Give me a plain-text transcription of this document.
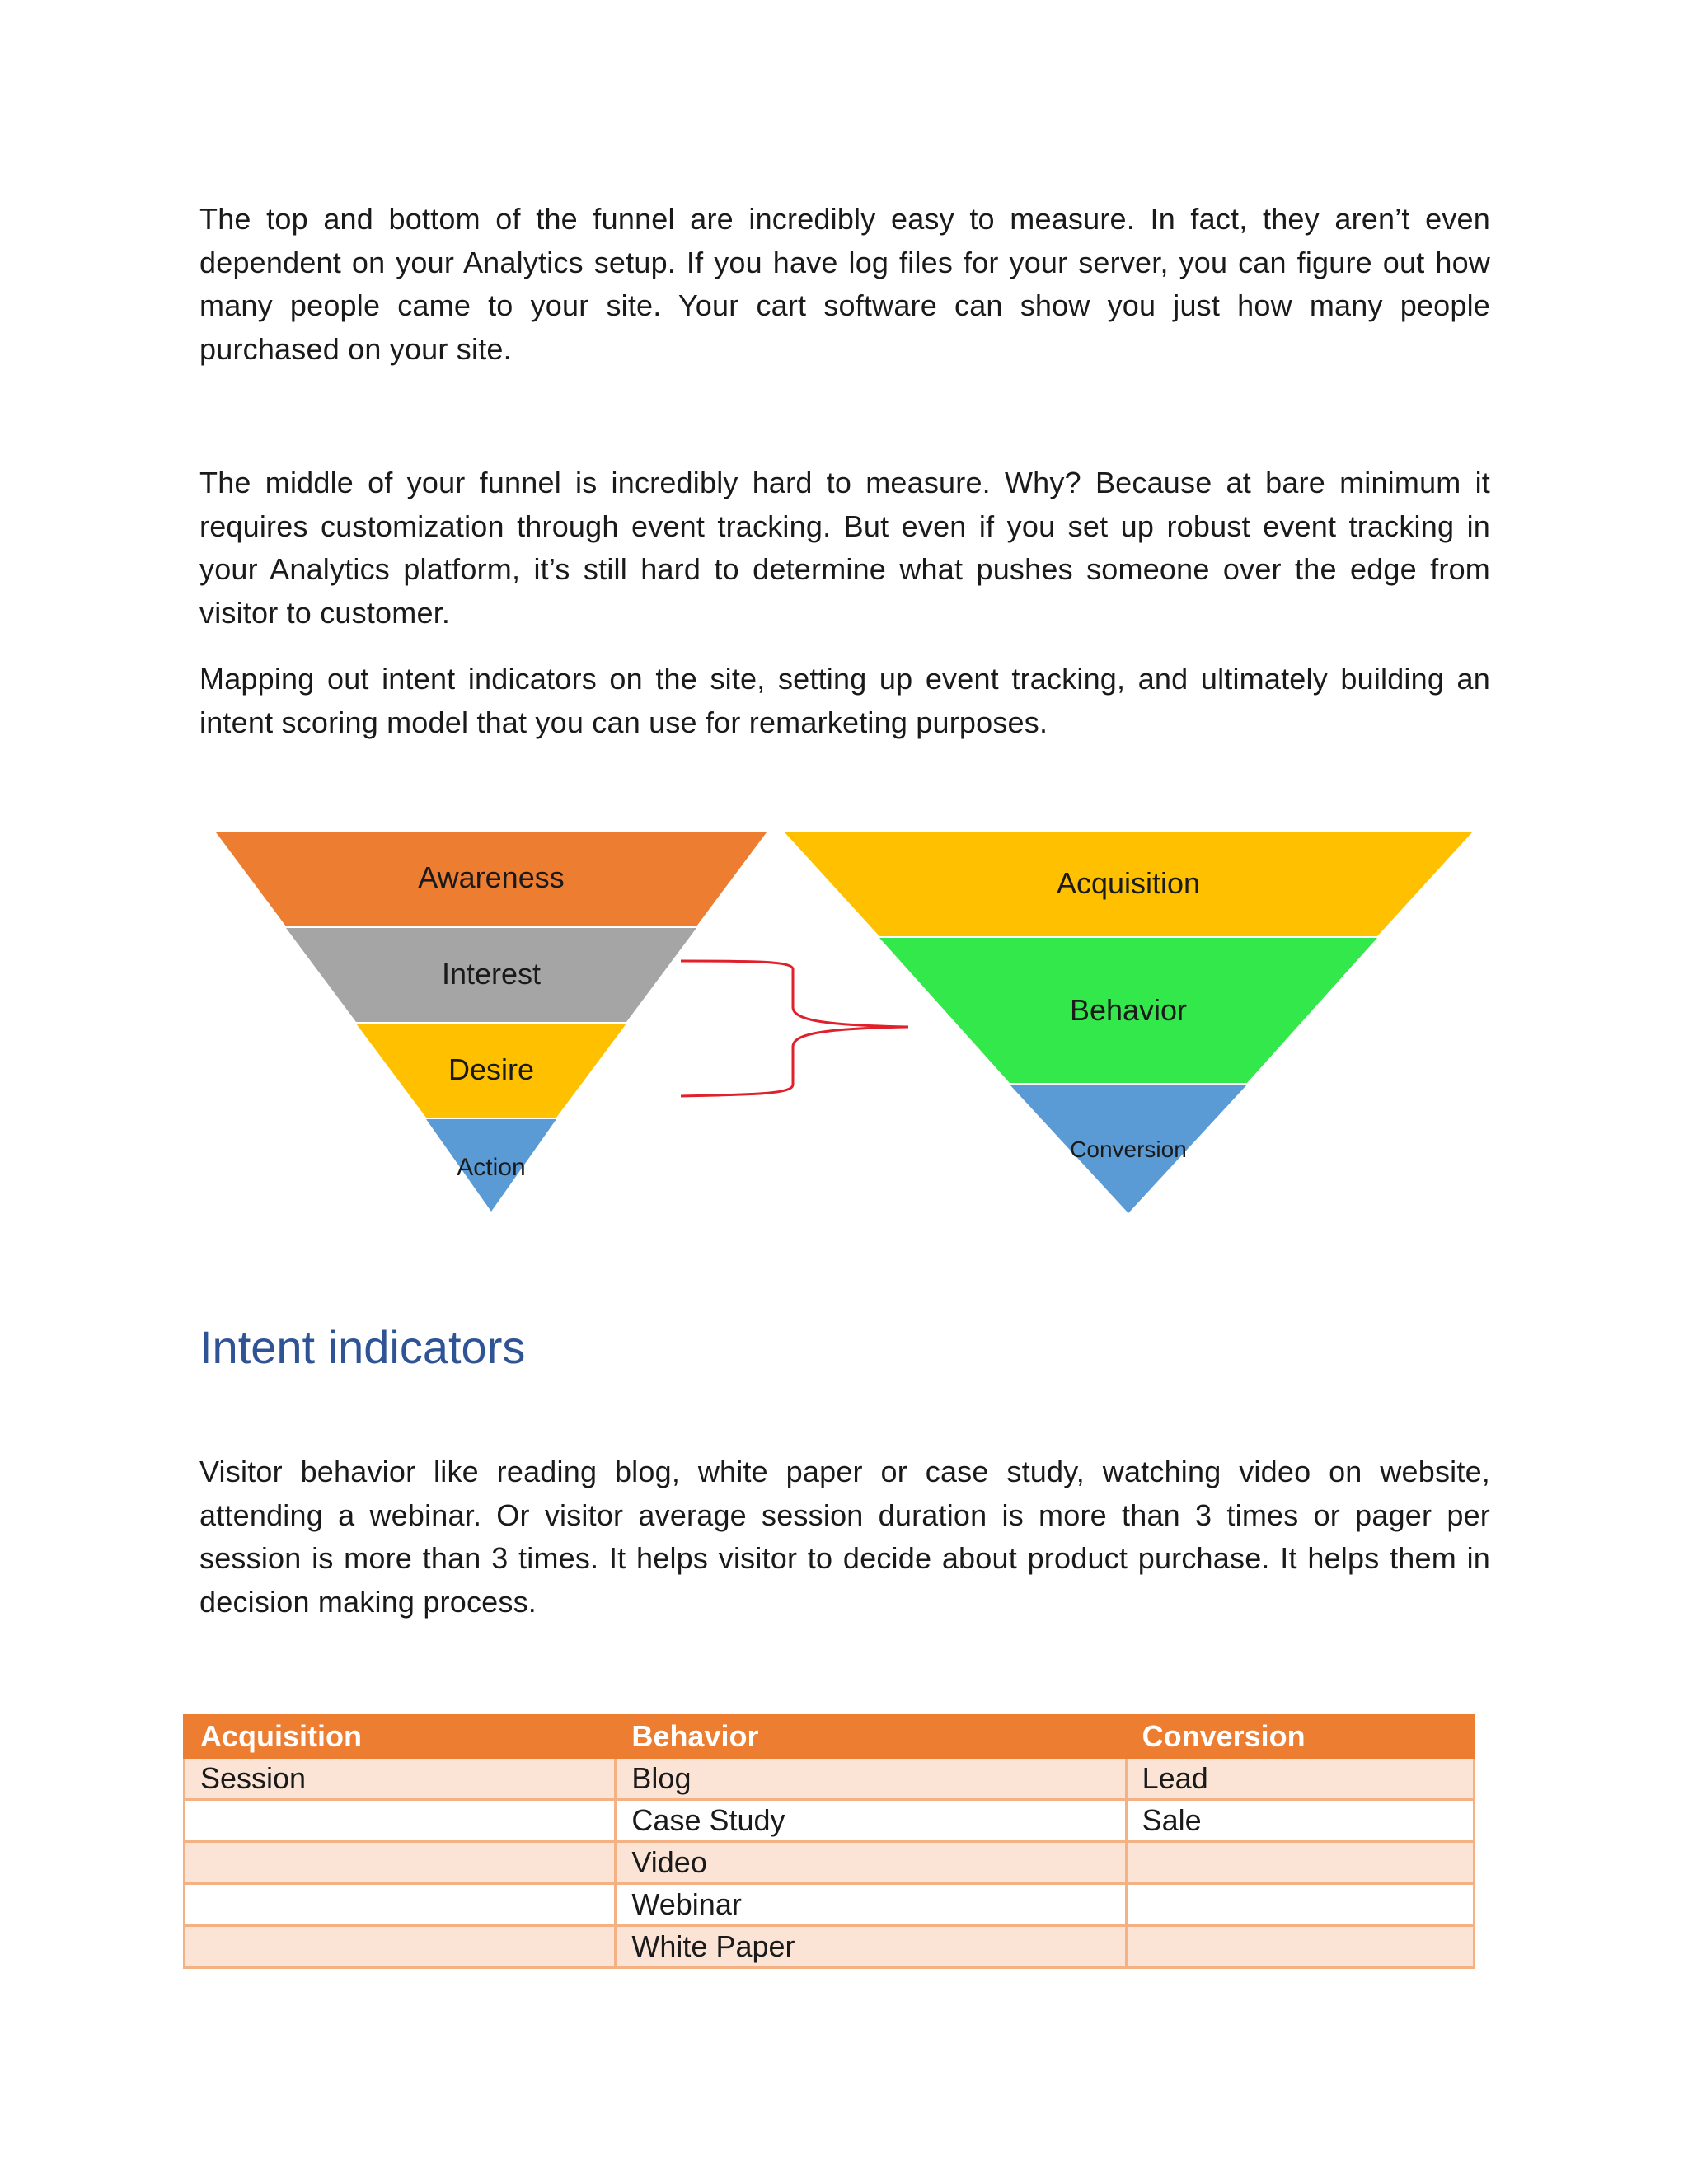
The top and bottom of the funnel are incredibly easy to measure. In fact, they aren’t even dependent on your Analytics setup. If you have log files for your server, you can figure out how many people came to your site. Your cart software can show you just how many people purchased on your site.

The middle of your funnel is incredibly hard to measure. Why? Because at bare minimum it requires customization through event tracking. But even if you set up robust event tracking in your Analytics platform, it’s still hard to determine what pushes someone over the edge from visitor to customer.

Mapping out intent indicators on the site, setting up event tracking, and ultimately building an intent scoring model that you can use for remarketing purposes.

Awareness
Interest
Desire
Action
Acquisition
Behavior
Conversion
Intent indicators

Visitor behavior like reading blog, white paper or case study, watching video on website, attending a webinar. Or visitor average session duration is more than 3 times or pager per session is more than 3 times. It helps visitor to decide about product purchase. It helps them in decision making process.

Acquisition	Behavior	Conversion
Session	Blog	Lead
	Case Study	Sale
	Video	
	Webinar	
	White Paper	
